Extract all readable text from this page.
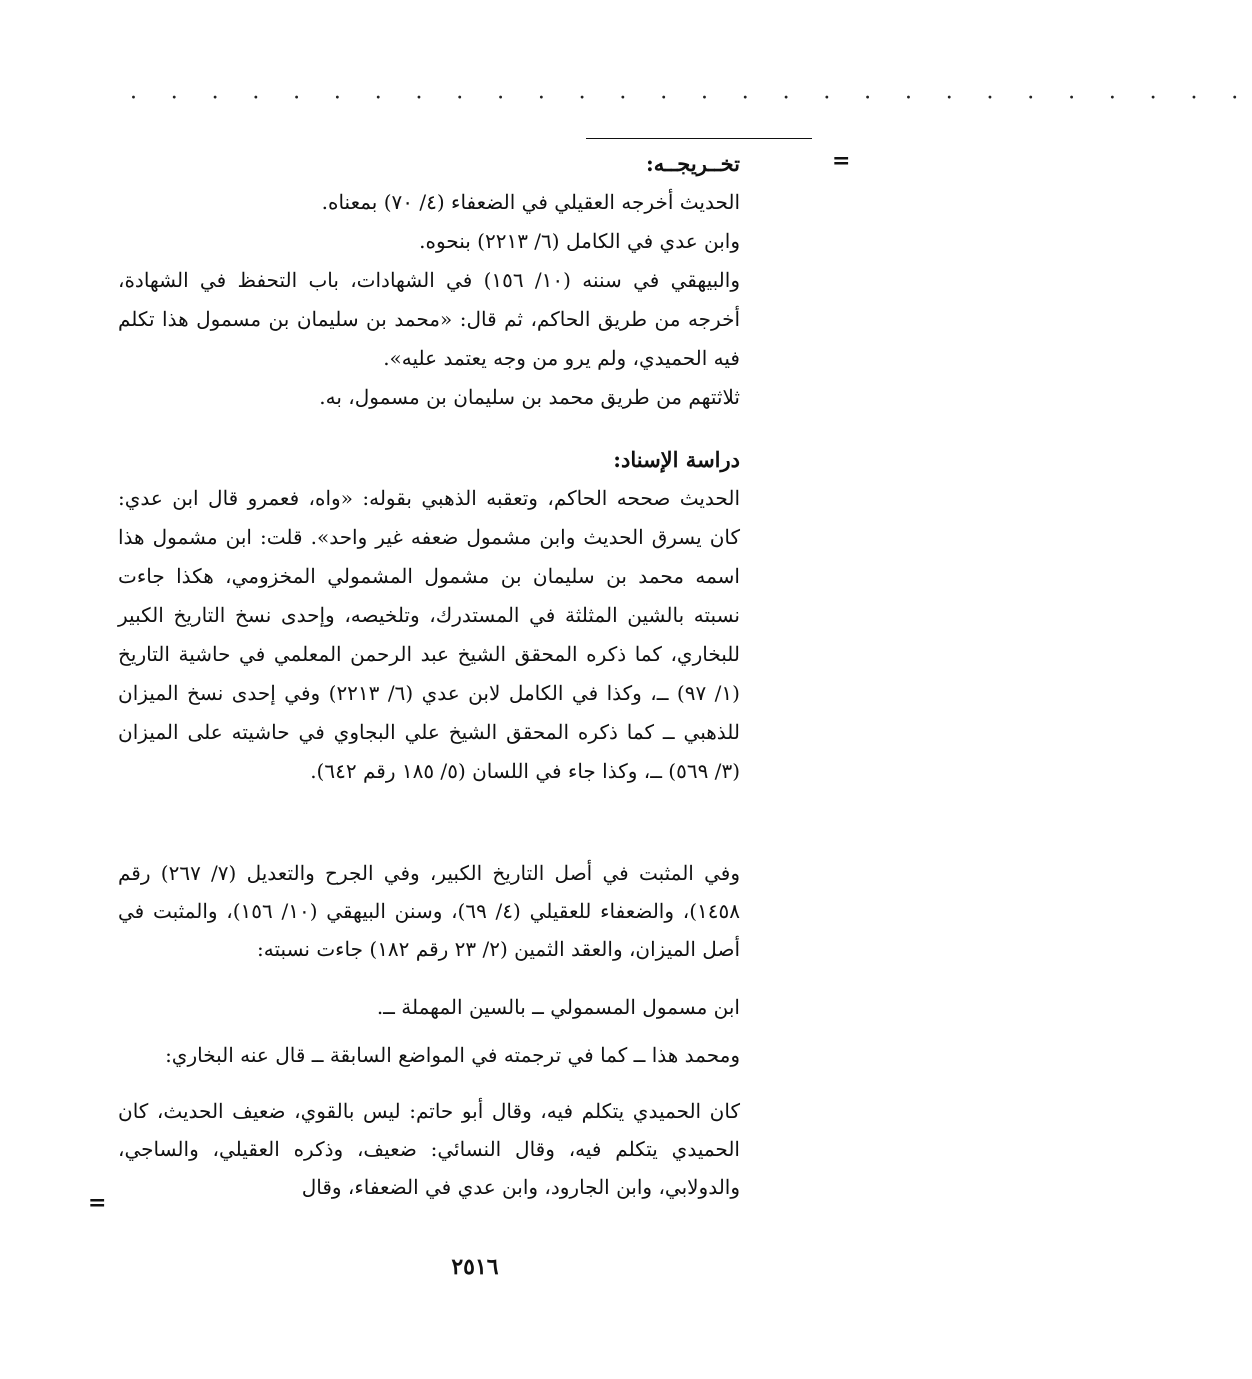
· · · · · · · · · · · · · · · · · · · · · · · · · · · ·
=

تخــريجــه:

الحديث أخرجه العقيلي في الضعفاء (٤/ ٧٠) بمعناه.

وابن عدي في الكامل (٦/ ٢٢١٣) بنحوه.

والبيهقي في سننه (١٠/ ١٥٦) في الشهادات، باب التحفظ في الشهادة، أخرجه من طريق الحاكم، ثم قال: «محمد بن سليمان بن مسمول هذا تكلم فيه الحميدي، ولم يرو من وجه يعتمد عليه».

ثلاثتهم من طريق محمد بن سليمان بن مسمول، به.

دراسة الإسناد:

الحديث صححه الحاكم، وتعقبه الذهبي بقوله: «واه، فعمرو قال ابن عدي: كان يسرق الحديث وابن مشمول ضعفه غير واحد». قلت: ابن مشمول هذا اسمه محمد بن سليمان بن مشمول المشمولي المخزومي، هكذا جاءت نسبته بالشين المثلثة في المستدرك، وتلخيصه، وإحدى نسخ التاريخ الكبير للبخاري، كما ذكره المحقق الشيخ عبد الرحمن المعلمي في حاشية التاريخ (١/ ٩٧) ــ، وكذا في الكامل لابن عدي (٦/ ٢٢١٣) وفي إحدى نسخ الميزان للذهبي ــ كما ذكره المحقق الشيخ علي البجاوي في حاشيته على الميزان (٣/ ٥٦٩) ــ، وكذا جاء في اللسان (٥/ ١٨٥ رقم ٦٤٢).

وفي المثبت في أصل التاريخ الكبير، وفي الجرح والتعديل (٧/ ٢٦٧) رقم ١٤٥٨)، والضعفاء للعقيلي (٤/ ٦٩)، وسنن البيهقي (١٠/ ١٥٦)، والمثبت في أصل الميزان، والعقد الثمين (٢/ ٢٣ رقم ١٨٢) جاءت نسبته:

ابن مسمول المسمولي ــ بالسين المهملة ــ.

ومحمد هذا ــ كما في ترجمته في المواضع السابقة ــ قال عنه البخاري:

كان الحميدي يتكلم فيه، وقال أبو حاتم: ليس بالقوي، ضعيف الحديث، كان الحميدي يتكلم فيه، وقال النسائي: ضعيف، وذكره العقيلي، والساجي، والدولابي، وابن الجارود، وابن عدي في الضعفاء، وقال

=
٢٥١٦
